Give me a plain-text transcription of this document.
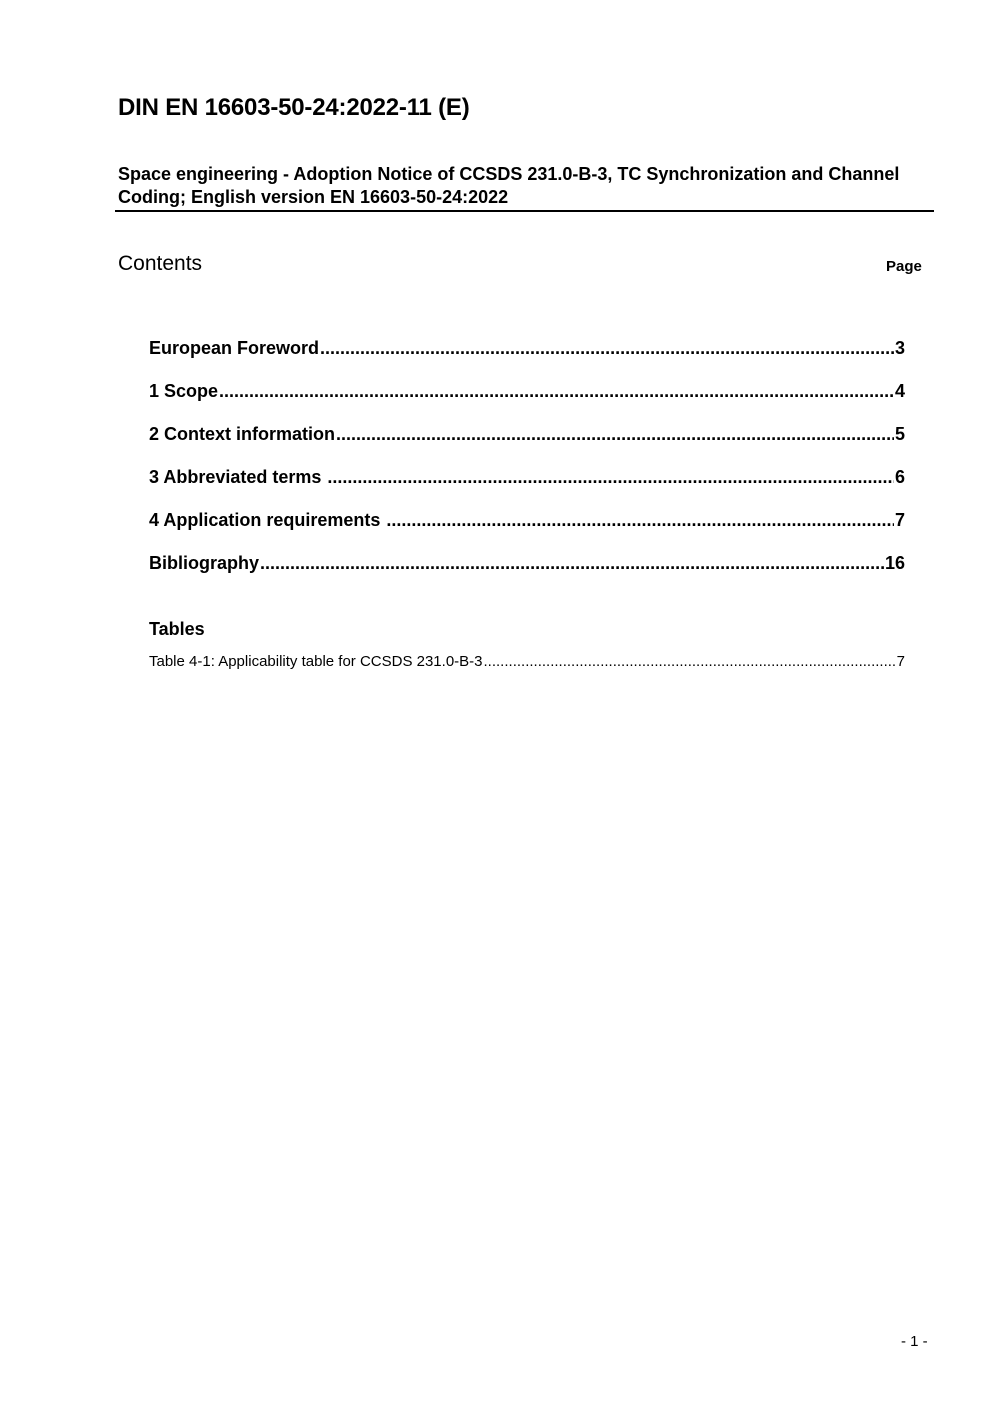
DIN EN 16603-50-24:2022-11 (E)
Space engineering - Adoption Notice of CCSDS 231.0-B-3, TC Synchronization and Channel Coding; English version EN 16603-50-24:2022
Contents	Page
European Foreword .....	3
1 Scope .....	4
2 Context information .....	5
3 Abbreviated terms .....	6
4 Application requirements .....	7
Bibliography .....	16
Tables
Table 4-1: Applicability table for CCSDS 231.0-B-3 .....	7
- 1 -
